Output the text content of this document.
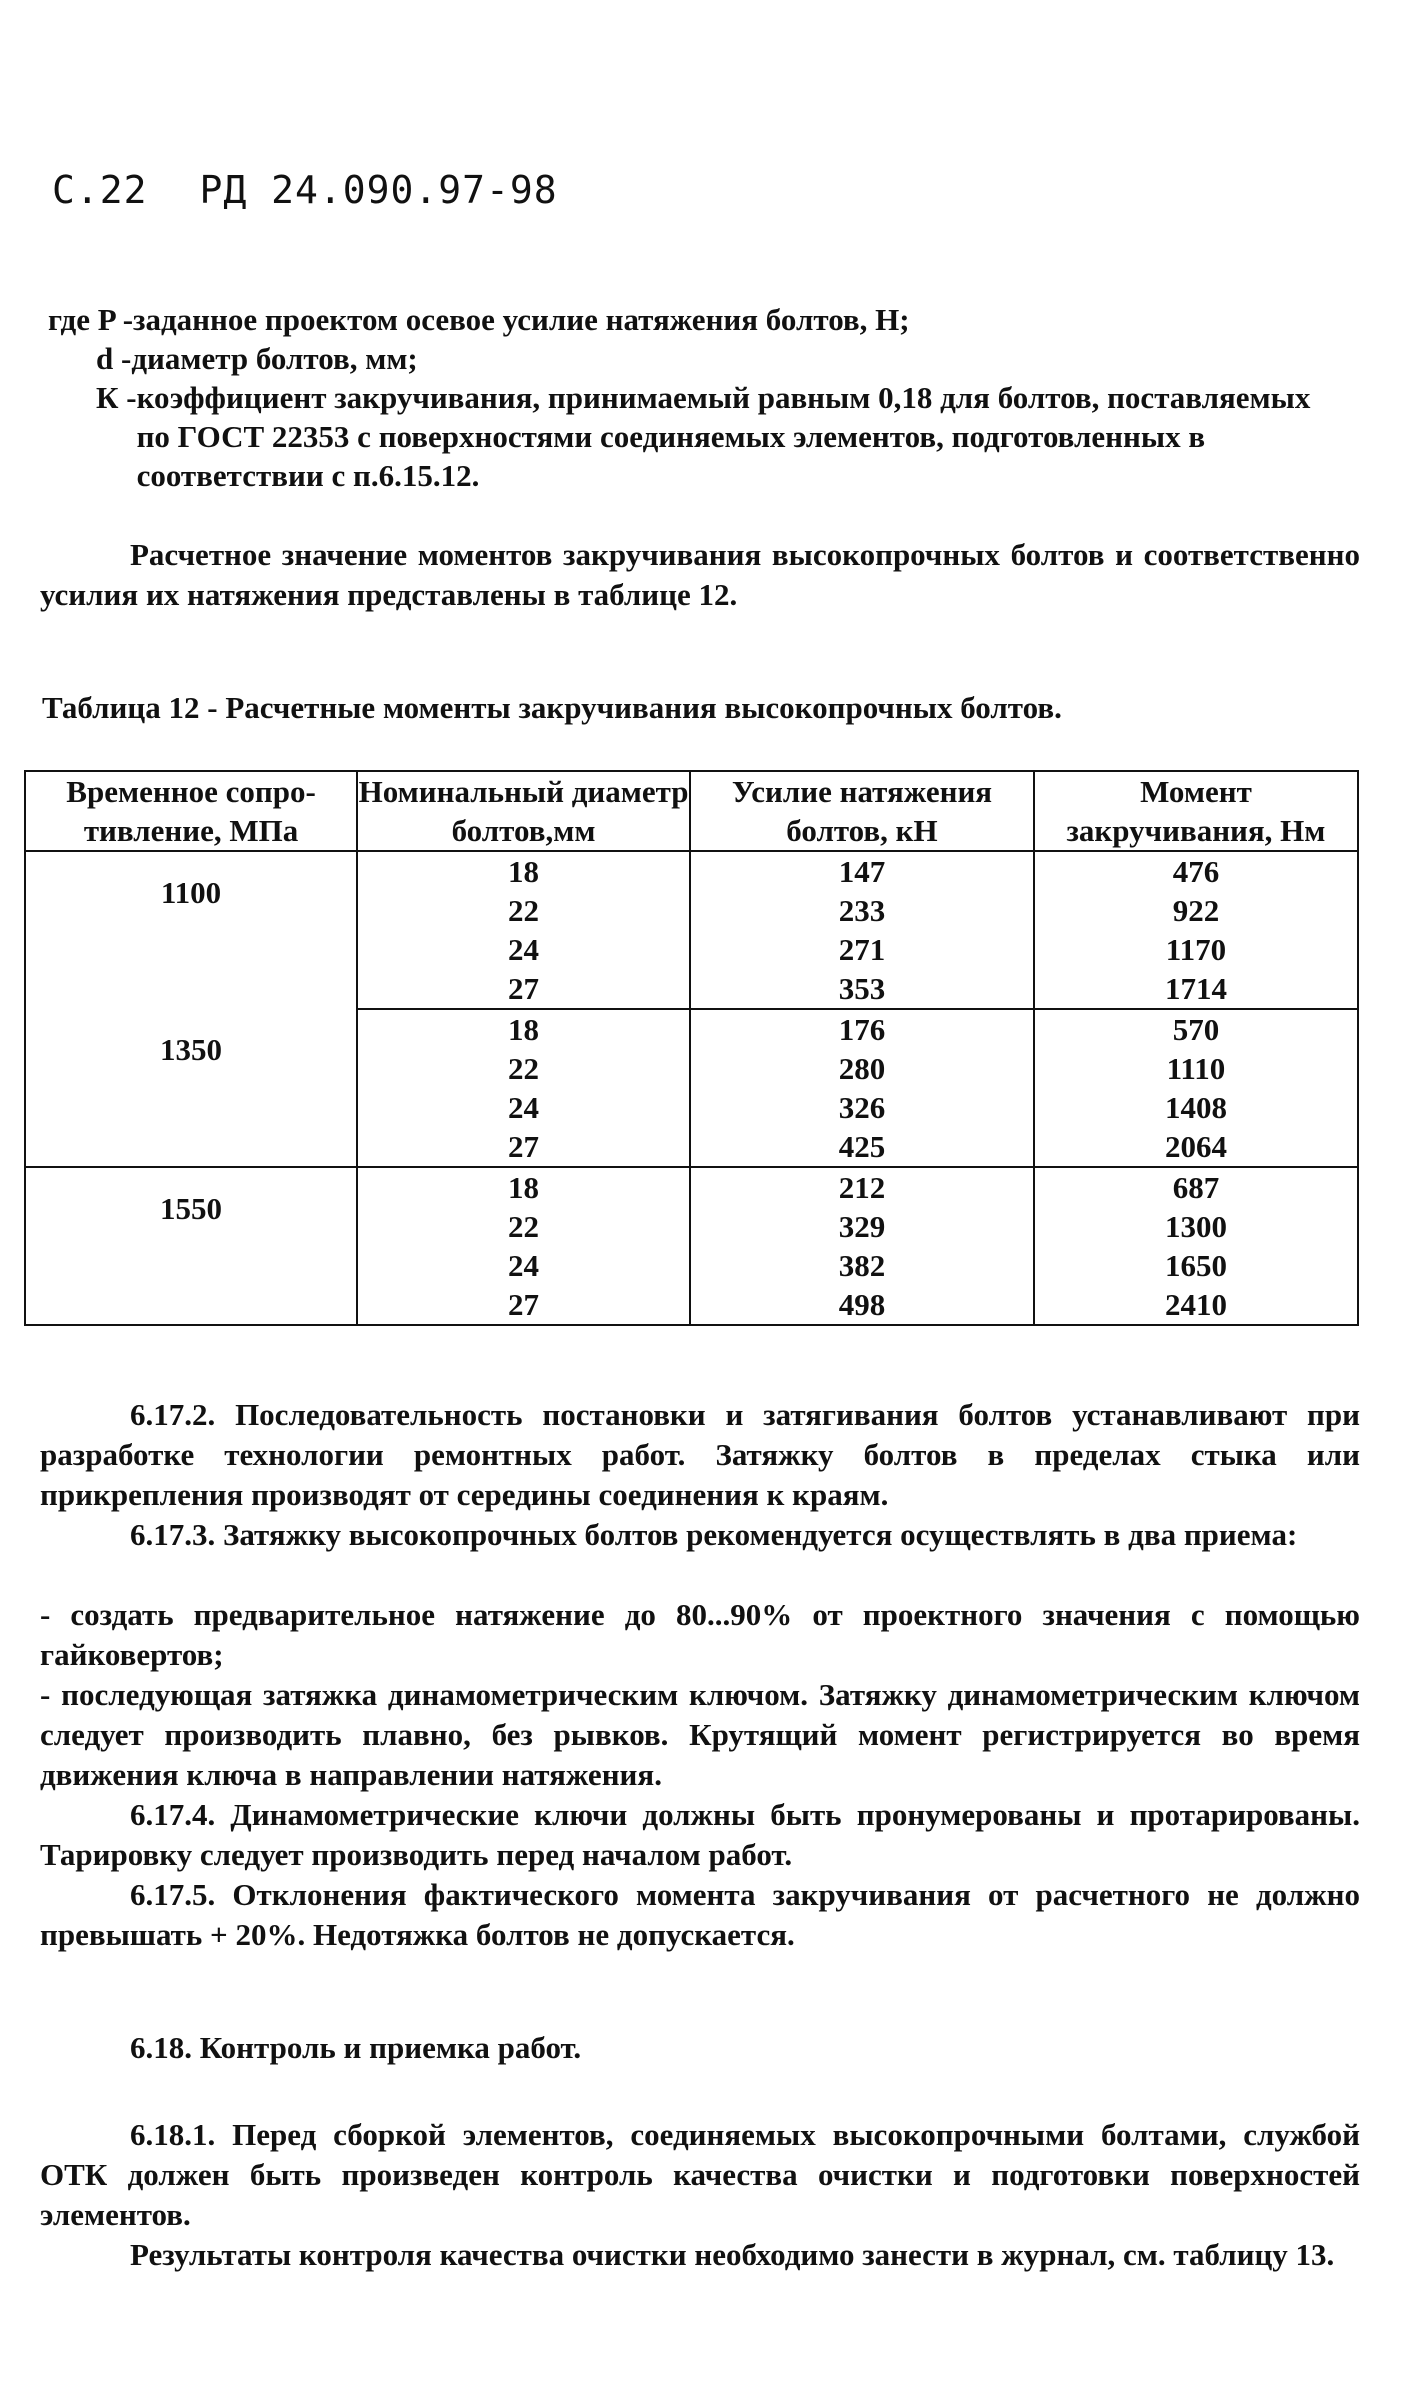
С.22 РД 24.090.97-98
где P - заданное проектом осевое усилие натяжения болтов, Н;
d - диаметр болтов, мм;
К - коэффициент закручивания, принимаемый равным 0,18 для болтов, поставляемых по ГОСТ 22353 с поверхностями соединяемых элементов, подготовленных в соответствии с п.6.15.12.
Расчетное значение моментов закручивания высокопрочных болтов и соответственно усилия их натяжения представлены в таблице 12.
Таблица 12 - Расчетные моменты закручивания высокопрочных болтов.
Временное сопро-тивление, МПа	Номинальный диаметр болтов,мм	Усилие натяжения болтов, кН	Момент закручивания, Нм
1100	18	147	476
	22	233	922
	24	271	1170
	27	353	1714
1350	18	176	570
	22	280	1110
	24	326	1408
	27	425	2064
1550	18	212	687
	22	329	1300
	24	382	1650
	27	498	2410
6.17.2. Последовательность постановки и затягивания болтов устанавливают при разработке технологии ремонтных работ. Затяжку болтов в пределах стыка или прикрепления производят от середины соединения к краям.
6.17.3. Затяжку высокопрочных болтов рекомендуется осуществлять в два приема:
- создать предварительное натяжение до 80...90% от проектного значения с помощью гайковертов;
- последующая затяжка динамометрическим ключом. Затяжку динамометрическим ключом следует производить плавно, без рывков. Крутящий момент регистрируется во время движения ключа в направлении натяжения.
6.17.4. Динамометрические ключи должны быть пронумерованы и протарированы. Тарировку следует производить перед началом работ.
6.17.5. Отклонения фактического момента закручивания от расчетного не должно превышать + 20%. Недотяжка болтов не допускается.
6.18. Контроль и приемка работ.
6.18.1. Перед сборкой элементов, соединяемых высокопрочными болтами, службой ОТК должен быть произведен контроль качества очистки и подготовки поверхностей элементов.
Результаты контроля качества очистки необходимо занести в журнал, см. таблицу 13.
